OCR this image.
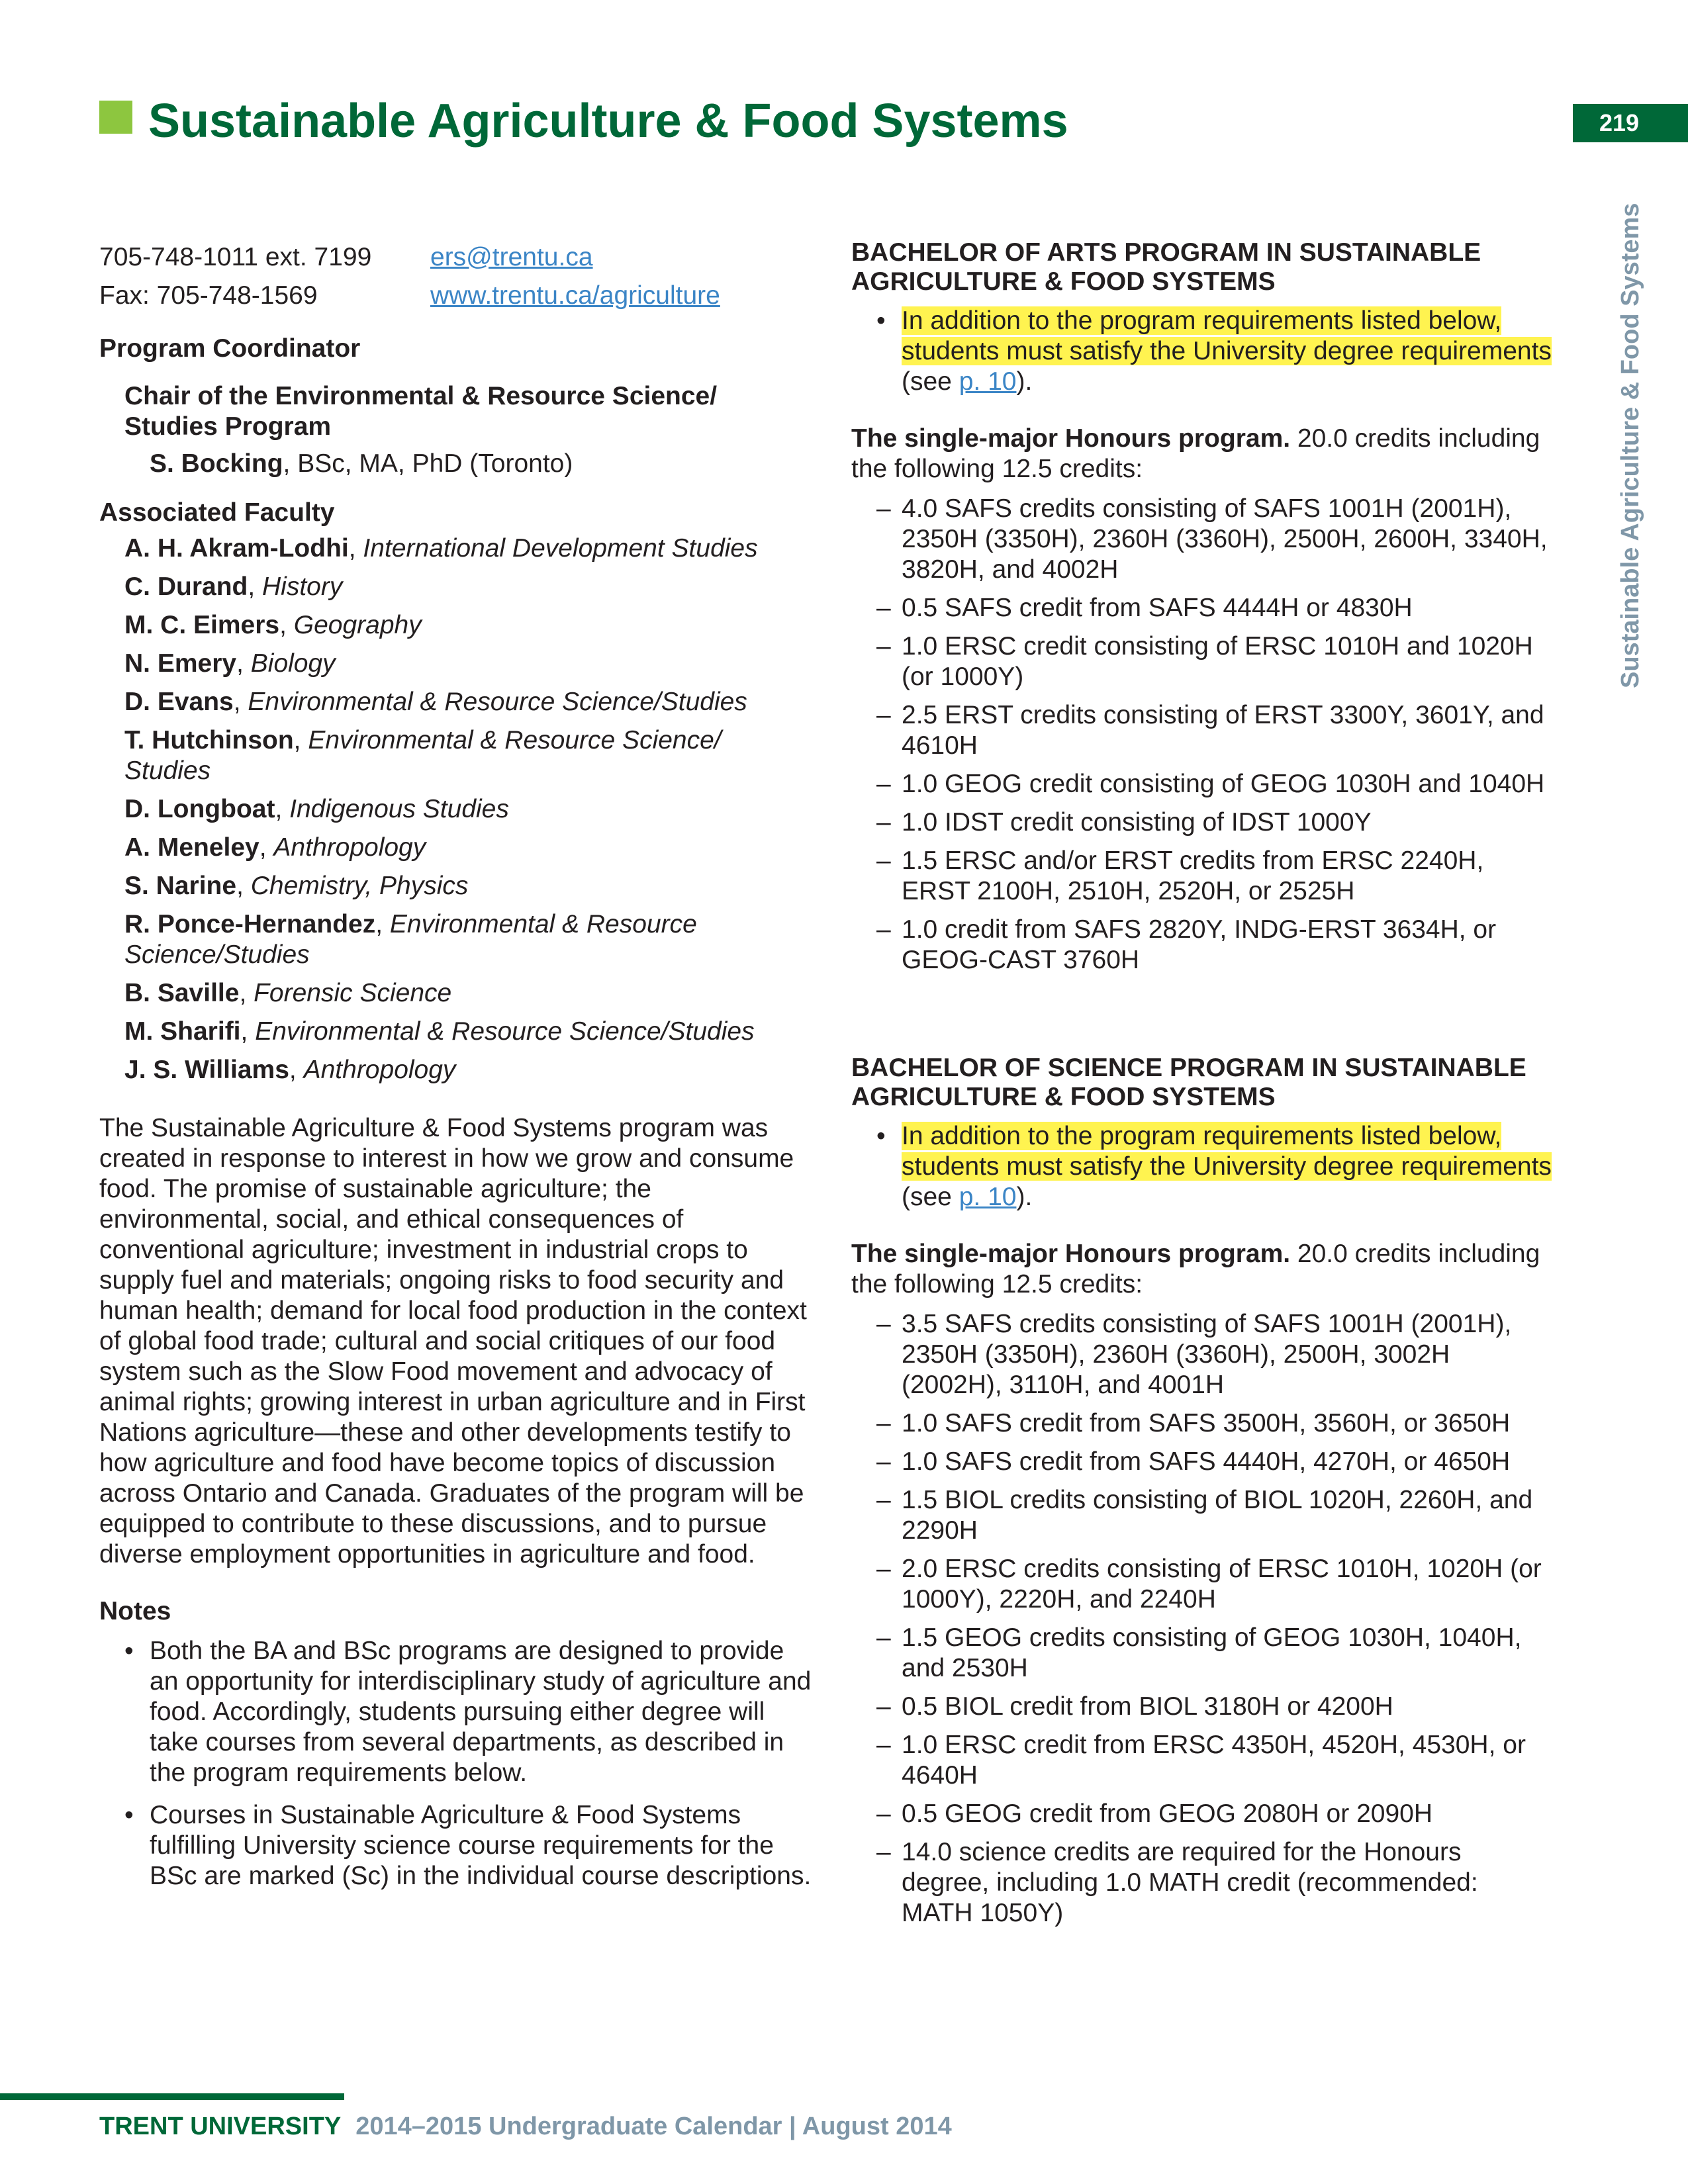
Sustainable Agriculture & Food Systems	219
Sustainable Agriculture & Food Systems
705-748-1011 ext. 7199	ers@trentu.ca
Fax: 705-748-1569	www.trentu.ca/agriculture

Program Coordinator

Chair of the Environmental & Resource Science/ Studies Program

S. Bocking, BSc, MA, PhD (Toronto)

Associated Faculty

A. H. Akram-Lodhi, International Development Studies
C. Durand, History
M. C. Eimers, Geography
N. Emery, Biology
D. Evans, Environmental & Resource Science/Studies
T. Hutchinson, Environmental & Resource Science/ Studies
D. Longboat, Indigenous Studies
A. Meneley, Anthropology
S. Narine, Chemistry, Physics
R. Ponce-Hernandez, Environmental & Resource Science/Studies
B. Saville, Forensic Science
M. Sharifi, Environmental & Resource Science/Studies
J. S. Williams, Anthropology

The Sustainable Agriculture & Food Systems program was created in response to interest in how we grow and consume food. The promise of sustainable agriculture; the environmental, social, and ethical consequences of conventional agriculture; investment in industrial crops to supply fuel and materials; ongoing risks to food security and human health; demand for local food production in the context of global food trade; cultural and social critiques of our food system such as the Slow Food movement and advocacy of animal rights; growing interest in urban agriculture and in First Nations agriculture—these and other developments testify to how agriculture and food have become topics of discussion across Ontario and Canada. Graduates of the program will be equipped to contribute to these discussions, and to pursue diverse employment opportunities in agriculture and food.

Notes

• Both the BA and BSc programs are designed to provide an opportunity for interdisciplinary study of agriculture and food. Accordingly, students pursuing either degree will take courses from several departments, as described in the program requirements below.
• Courses in Sustainable Agriculture & Food Systems fulfilling University science course requirements for the BSc are marked (Sc) in the individual course descriptions.

BACHELOR OF ARTS PROGRAM IN SUSTAINABLE AGRICULTURE & FOOD SYSTEMS

• In addition to the program requirements listed below, students must satisfy the University degree requirements (see p. 10).

The single-major Honours program. 20.0 credits including the following 12.5 credits:

– 4.0 SAFS credits consisting of SAFS 1001H (2001H), 2350H (3350H), 2360H (3360H), 2500H, 2600H, 3340H, 3820H, and 4002H
– 0.5 SAFS credit from SAFS 4444H or 4830H
– 1.0 ERSC credit consisting of ERSC 1010H and 1020H (or 1000Y)
– 2.5 ERST credits consisting of ERST 3300Y, 3601Y, and 4610H
– 1.0 GEOG credit consisting of GEOG 1030H and 1040H
– 1.0 IDST credit consisting of IDST 1000Y
– 1.5 ERSC and/or ERST credits from ERSC 2240H, ERST 2100H, 2510H, 2520H, or 2525H
– 1.0 credit from SAFS 2820Y, INDG-ERST 3634H, or GEOG-CAST 3760H

BACHELOR OF SCIENCE PROGRAM IN SUSTAINABLE AGRICULTURE & FOOD SYSTEMS

• In addition to the program requirements listed below, students must satisfy the University degree requirements (see p. 10).

The single-major Honours program. 20.0 credits including the following 12.5 credits:

– 3.5 SAFS credits consisting of SAFS 1001H (2001H), 2350H (3350H), 2360H (3360H), 2500H, 3002H (2002H), 3110H, and 4001H
– 1.0 SAFS credit from SAFS 3500H, 3560H, or 3650H
– 1.0 SAFS credit from SAFS 4440H, 4270H, or 4650H
– 1.5 BIOL credits consisting of BIOL 1020H, 2260H, and 2290H
– 2.0 ERSC credits consisting of ERSC 1010H, 1020H (or 1000Y), 2220H, and 2240H
– 1.5 GEOG credits consisting of GEOG 1030H, 1040H, and 2530H
– 0.5 BIOL credit from BIOL 3180H or 4200H
– 1.0 ERSC credit from ERSC 4350H, 4520H, 4530H, or 4640H
– 0.5 GEOG credit from GEOG 2080H or 2090H
– 14.0 science credits are required for the Honours degree, including 1.0 MATH credit (recommended: MATH 1050Y)
TRENT UNIVERSITY 2014–2015 Undergraduate Calendar | August 2014
